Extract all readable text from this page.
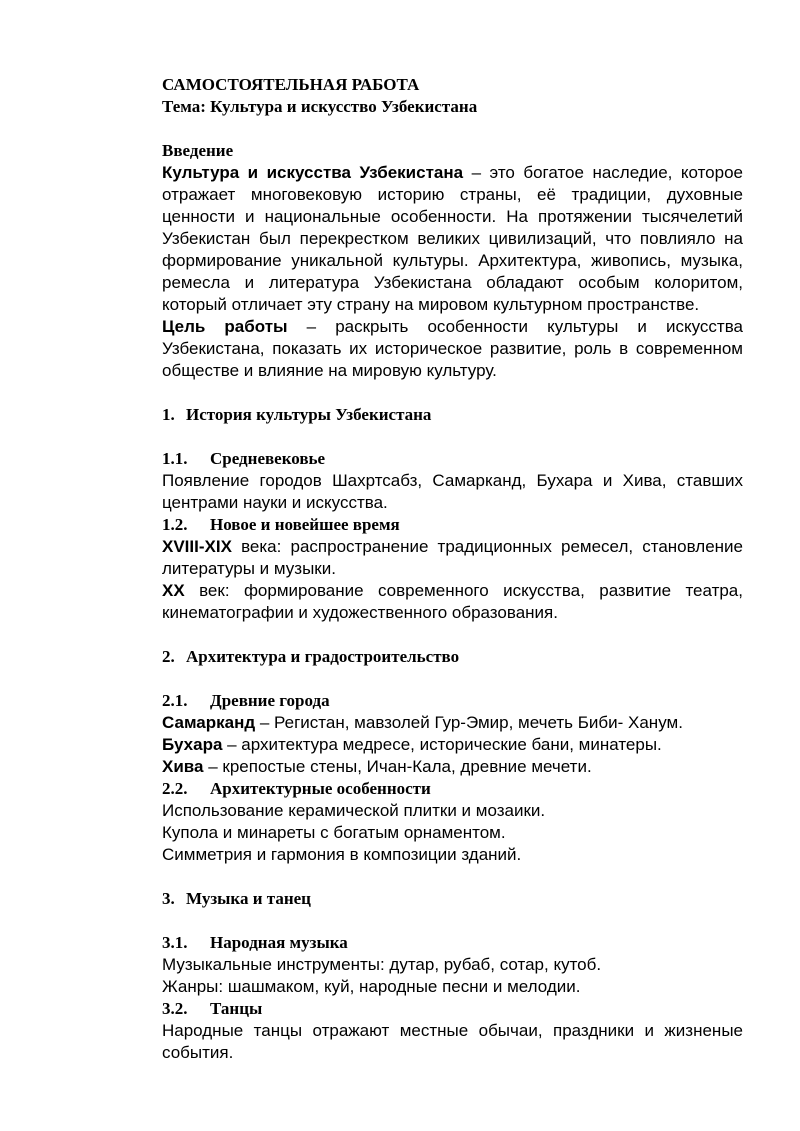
САМОСТОЯТЕЛЬНАЯ РАБОТА

Тема: Культура и искусство Узбекистана

Введение

Культура и искусства Узбекистана – это богатое наследие, которое отражает многовековую историю страны, её традиции, духовные ценности и национальные особенности. На протяжении тысячелетий Узбекистан был перекрестком великих цивилизаций, что повлияло на формирование уникальной культуры. Архитектура, живопись, музыка, ремесла и литература Узбекистана обладают особым колоритом, который отличает эту страну на мировом культурном пространстве.

Цель работы – раскрыть особенности культуры и искусства Узбекистана, показать их историческое развитие, роль в современном обществе и влияние на мировую культуру.

1. История культуры Узбекистана

1.1. Средневековье

Появление городов Шахртсабз, Самарканд, Бухара и Хива, ставших центрами науки и искусства.

1.2. Новое и новейшее время

XVIII-XIX века: распространение традиционных ремесел, становление литературы и музыки.

XX век: формирование современного искусства, развитие театра, кинематографии и художественного образования.

2. Архитектура и градостроительство

2.1. Древние города

Самарканд – Регистан, мавзолей Гур-Эмир, мечеть Биби- Ханум.

Бухара – архитектура медресе, исторические бани, минатеры.

Хива – крепостые стены, Ичан-Кала, древние мечети.

2.2. Архитектурные особенности

Использование керамической плитки и мозаики.

Купола и минареты с богатым орнаментом.

Симметрия и гармония в композиции зданий.

3. Музыка и танец

3.1. Народная музыка

Музыкальные инструменты: дутар, рубаб, сотар, кутоб.

Жанры: шашмаком, куй, народные песни и мелодии.

3.2. Танцы

Народные танцы отражают местные обычаи, праздники и жизненые события.
